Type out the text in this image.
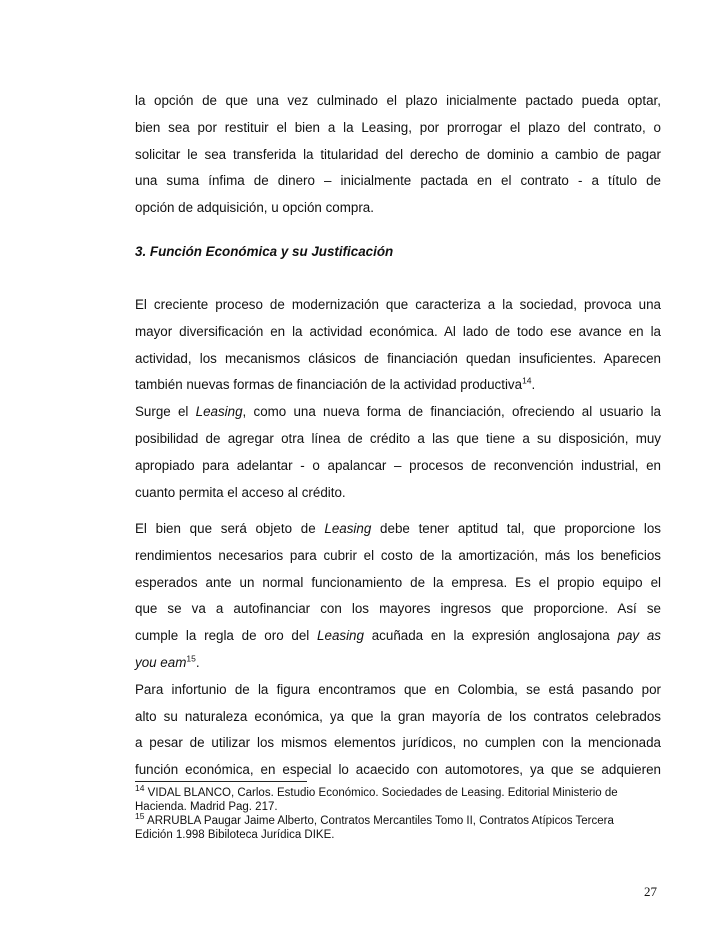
la opción de que una vez culminado el plazo inicialmente pactado pueda optar,
bien sea por restituir el bien a la Leasing, por prorrogar el plazo del contrato, o
solicitar le sea transferida la titularidad del derecho de dominio a cambio de pagar
una suma ínfima de dinero – inicialmente pactada en el contrato - a título de
opción de adquisición, u opción compra.
3. Función Económica y su Justificación
El creciente proceso de modernización que caracteriza a la sociedad, provoca una
mayor diversificación en la actividad económica. Al lado de todo ese avance en la
actividad, los mecanismos clásicos de financiación quedan insuficientes. Aparecen
también nuevas formas de financiación de la actividad productiva$^{14}$.
Surge el Leasing, como una nueva forma de financiación, ofreciendo al usuario la
posibilidad de agregar otra línea de crédito a las que tiene a su disposición, muy
apropiado para adelantar - o apalancar – procesos de reconvención industrial, en
cuanto permita el acceso al crédito.
El bien que será objeto de Leasing debe tener aptitud tal, que proporcione los
rendimientos necesarios para cubrir el costo de la amortización, más los beneficios
esperados ante un normal funcionamiento de la empresa. Es el propio equipo el
que se va a autofinanciar con los mayores ingresos que proporcione. Así se
cumple la regla de oro del Leasing acuñada en la expresión anglosajona pay as
you eam$^{15}$.
Para infortunio de la figura encontramos que en Colombia, se está pasando por
alto su naturaleza económica, ya que la gran mayoría de los contratos celebrados
a pesar de utilizar los mismos elementos jurídicos, no cumplen con la mencionada
función económica, en especial lo acaecido con automotores, ya que se adquieren
$^{14}$ VIDAL BLANCO, Carlos. Estudio Económico. Sociedades de Leasing. Editorial Ministerio de
Hacienda. Madrid Pag. 217.
$^{15}$ ARRUBLA Paugar Jaime Alberto, Contratos Mercantiles Tomo II, Contratos Atípicos Tercera
Edición 1.998 Bibiloteca Jurídica DIKE.
27
